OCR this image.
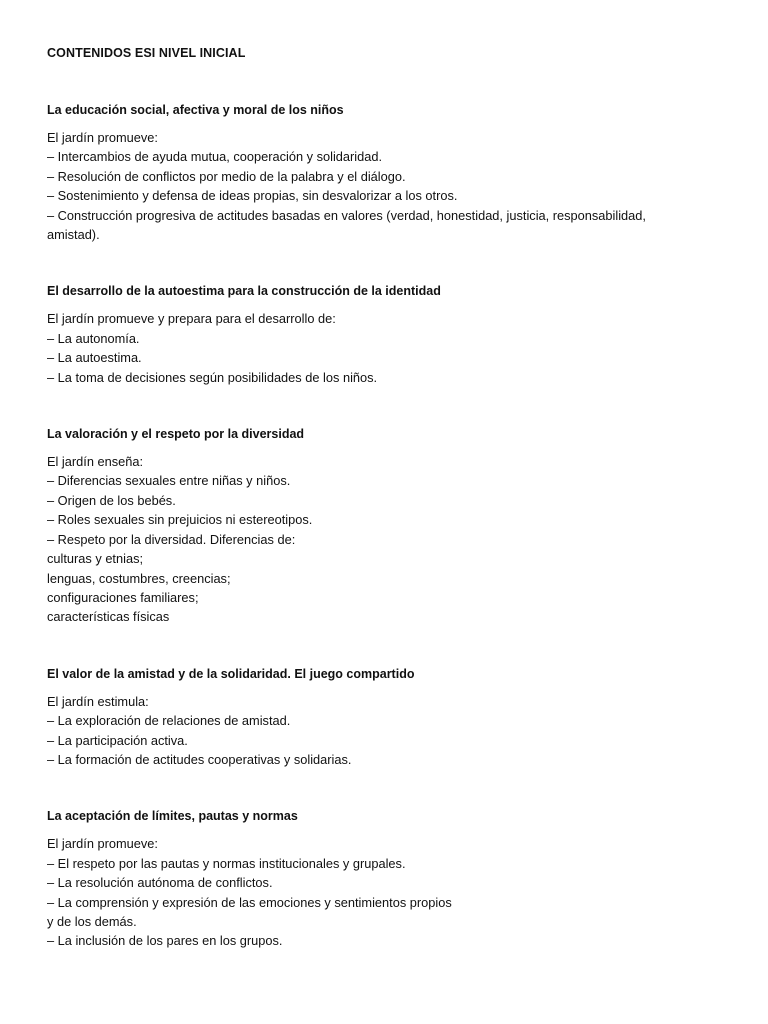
CONTENIDOS ESI NIVEL INICIAL
La educación social, afectiva y moral de los niños
El jardín promueve:
– Intercambios de ayuda mutua, cooperación y solidaridad.
– Resolución de conflictos por medio de la palabra y el diálogo.
– Sostenimiento y defensa de ideas propias, sin desvalorizar a los otros.
– Construcción progresiva de actitudes basadas en valores (verdad, honestidad, justicia, responsabilidad,
amistad).
El desarrollo de la autoestima para la construcción de la identidad
El jardín promueve y prepara para el desarrollo de:
– La autonomía.
– La autoestima.
– La toma de decisiones según posibilidades de los niños.
La valoración y el respeto por la diversidad
El jardín enseña:
– Diferencias sexuales entre niñas y niños.
– Origen de los bebés.
– Roles sexuales sin prejuicios ni estereotipos.
– Respeto por la diversidad. Diferencias de:
culturas y etnias;
lenguas, costumbres, creencias;
configuraciones familiares;
características físicas
El valor de la amistad y de la solidaridad. El juego compartido
El jardín estimula:
– La exploración de relaciones de amistad.
– La participación activa.
– La formación de actitudes cooperativas y solidarias.
La aceptación de límites, pautas y normas
El jardín promueve:
– El respeto por las pautas y normas institucionales y grupales.
– La resolución autónoma de conflictos.
– La comprensión y expresión de las emociones y sentimientos propios
y de los demás.
– La inclusión de los pares en los grupos.
